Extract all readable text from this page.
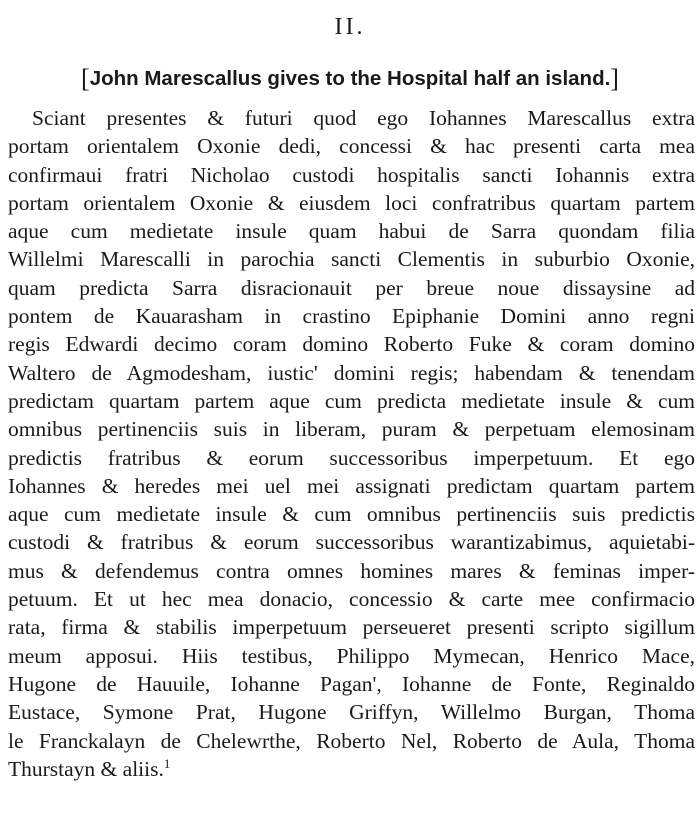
II.
[John Marescallus gives to the Hospital half an island.]
Sciant presentes & futuri quod ego Iohannes Marescallus extra
portam orientalem Oxonie dedi, concessi & hac presenti carta mea
confirmaui fratri Nicholao custodi hospitalis sancti Iohannis extra
portam orientalem Oxonie & eiusdem loci confratribus quartam partem
aque cum medietate insule quam habui de Sarra quondam filia
Willelmi Marescalli in parochia sancti Clementis in suburbio Oxonie,
quam predicta Sarra disracionauit per breue noue dissaysine ad
pontem de Kauarasham in crastino Epiphanie Domini anno regni
regis Edwardi decimo coram domino Roberto Fuke & coram domino
Waltero de Agmodesham, iustic' domini regis; habendam & tenendam
predictam quartam partem aque cum predicta medietate insule & cum
omnibus pertinenciis suis in liberam, puram & perpetuam elemosinam
predictis fratribus & eorum successoribus imperpetuum. Et ego
Iohannes & heredes mei uel mei assignati predictam quartam partem
aque cum medietate insule & cum omnibus pertinenciis suis predictis
custodi & fratribus & eorum successoribus warantizabimus, aquietabi-
mus & defendemus contra omnes homines mares & feminas imper-
petuum. Et ut hec mea donacio, concessio & carte mee confirmacio
rata, firma & stabilis imperpetuum perseueret presenti scripto sigillum
meum apposui. Hiis testibus, Philippo Mymecan, Henrico Mace,
Hugone de Hauuile, Iohanne Pagan', Iohanne de Fonte, Reginaldo
Eustace, Symone Prat, Hugone Griffyn, Willelmo Burgan, Thoma
le Franckalayn de Chelewrthe, Roberto Nel, Roberto de Aula, Thoma
Thurstayn & aliis.$^1$
